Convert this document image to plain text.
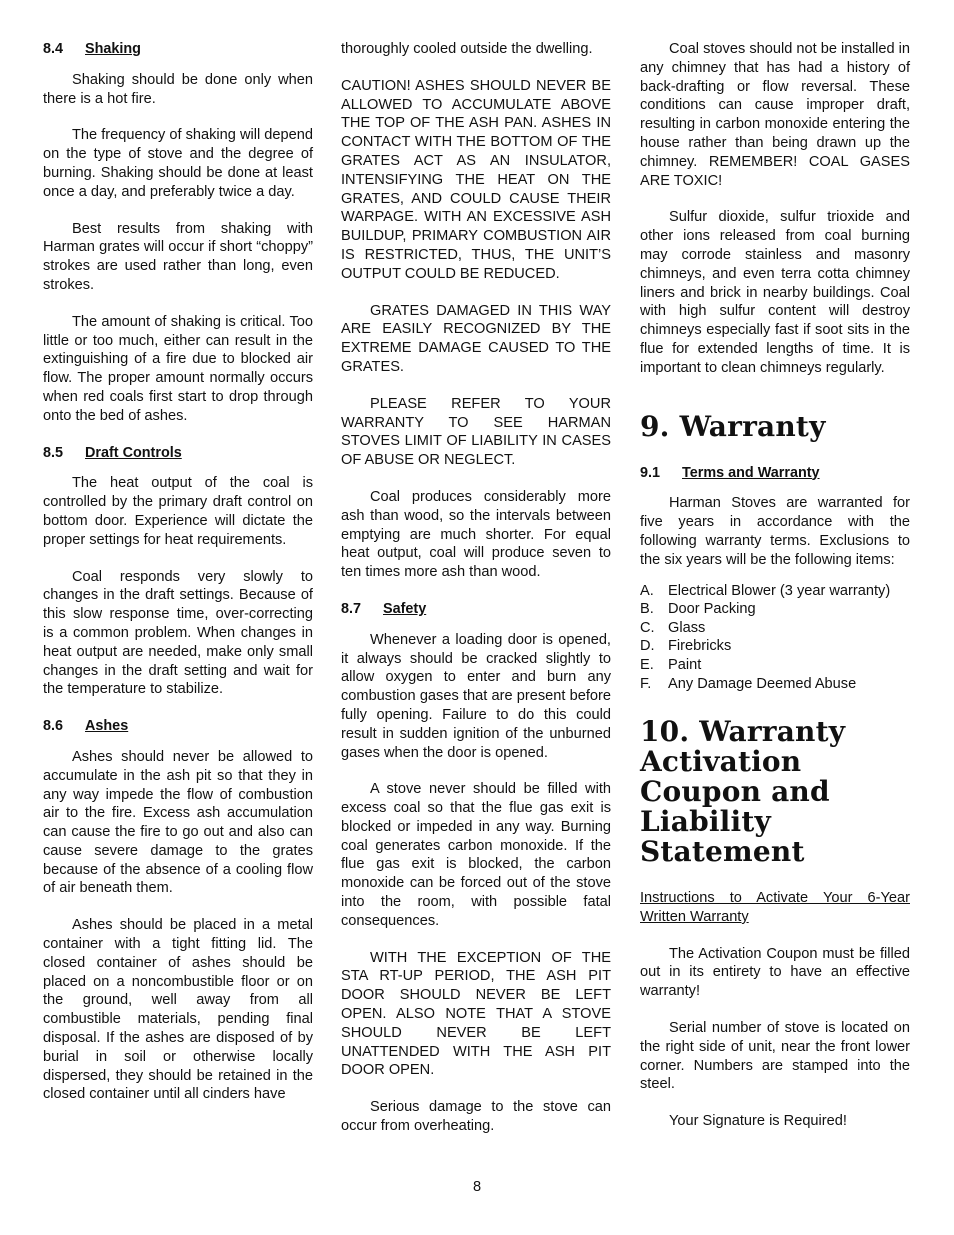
8.4 Shaking

Shaking should be done only when there is a hot fire.

The frequency of shaking will depend on the type of stove and the degree of burning. Shaking should be done at least once a day, and preferably twice a day.

Best results from shaking with Harman grates will occur if short “choppy” strokes are used rather than long, even strokes.

The amount of shaking is critical. Too little or too much, either can result in the extinguishing of a fire due to blocked air flow. The proper amount normally occurs when red coals first start to drop through onto the bed of ashes.

8.5 Draft Controls

The heat output of the coal is controlled by the primary draft control on bottom door. Experience will dictate the proper settings for heat requirements.

Coal responds very slowly to changes in the draft settings. Because of this slow response time, over-correcting is a common problem. When changes in heat output are needed, make only small changes in the draft setting and wait for the temperature to stabilize.

8.6 Ashes

Ashes should never be allowed to accumulate in the ash pit so that they in any way impede the flow of combustion air to the fire. Excess ash accumulation can cause the fire to go out and also can cause severe damage to the grates because of the absence of a cooling flow of air beneath them.

Ashes should be placed in a metal container with a tight fitting lid. The closed container of ashes should be placed on a noncombustible floor or on the ground, well away from all combustible materials, pending final disposal. If the ashes are disposed of by burial in soil or otherwise locally dispersed, they should be retained in the closed container until all cinders have

thoroughly cooled outside the dwelling.

CAUTION! ASHES SHOULD NEVER BE ALLOWED TO ACCUMULATE ABOVE THE TOP OF THE ASH PAN. ASHES IN CONTACT WITH THE BOTTOM OF THE GRATES ACT AS AN INSULATOR, INTENSIFYING THE HEAT ON THE GRATES, AND COULD CAUSE THEIR WARPAGE. WITH AN EXCESSIVE ASH BUILDUP, PRIMARY COMBUSTION AIR IS RESTRICTED, THUS, THE UNIT’S OUTPUT COULD BE REDUCED.

GRATES DAMAGED IN THIS WAY ARE EASILY RECOGNIZED BY THE EXTREME DAMAGE CAUSED TO THE GRATES.

PLEASE REFER TO YOUR WARRANTY TO SEE HARMAN STOVES LIMIT OF LIABILITY IN CASES OF ABUSE OR NEGLECT.

Coal produces considerably more ash than wood, so the intervals between emptying are much shorter. For equal heat output, coal will produce seven to ten times more ash than wood.

8.7 Safety

Whenever a loading door is opened, it always should be cracked slightly to allow oxygen to enter and burn any combustion gases that are present before fully opening. Failure to do this could result in sudden ignition of the unburned gases when the door is opened.

A stove never should be filled with excess coal so that the flue gas exit is blocked or impeded in any way. Burning coal generates carbon monoxide. If the flue gas exit is blocked, the carbon monoxide can be forced out of the stove into the room, with possible fatal consequences.

WITH THE EXCEPTION OF THE STA RT-UP PERIOD, THE ASH PIT DOOR SHOULD NEVER BE LEFT OPEN. ALSO NOTE THAT A STOVE SHOULD NEVER BE LEFT UNATTENDED WITH THE ASH PIT DOOR OPEN.

Serious damage to the stove can occur from overheating.

Coal stoves should not be installed in any chimney that has had a history of back-drafting or flow reversal. These conditions can cause improper draft, resulting in carbon monoxide entering the house rather than being drawn up the chimney. REMEMBER! COAL GASES ARE TOXIC!

Sulfur dioxide, sulfur trioxide and other ions released from coal burning may corrode stainless and masonry chimneys, and even terra cotta chimney liners and brick in nearby buildings. Coal with high sulfur content will destroy chimneys especially fast if soot sits in the flue for extended lengths of time. It is important to clean chimneys regularly.

9. Warranty
9.1 Terms and Warranty

Harman Stoves are warranted for five years in accordance with the following warranty terms. Exclusions to the six years will be the following items:

A. Electrical Blower (3 year warranty)
B. Door Packing
C. Glass
D. Firebricks
E. Paint
F. Any Damage Deemed Abuse
10. Warranty Activation Coupon and Liability Statement

Instructions to Activate Your 6-Year Written Warranty

The Activation Coupon must be filled out in its entirety to have an effective warranty!

Serial number of stove is located on the right side of unit, near the front lower corner. Numbers are stamped into the steel.

Your Signature is Required!

8
